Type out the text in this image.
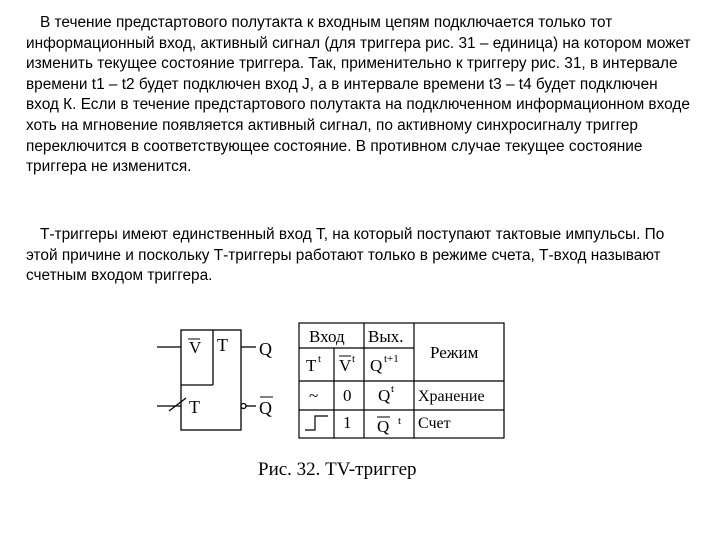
В течение предстартового полутакта к входным цепям подключается только тот информационный вход, активный сигнал (для триггера рис. 31 – единица) на котором может изменить текущее состояние триггера. Так, применительно к триггеру рис. 31, в интервале времени t1 – t2 будет подключен вход J, а в интервале времени t3 – t4 будет подключен вход К. Если в течение предстартового полутакта на подключенном информационном входе хоть на мгновение появляется активный сигнал, по активному синхросигналу триггер переключится в соответствующее состояние. В противном случае текущее состояние триггера не изменится.

Т-триггеры имеют единственный вход Т, на который поступают тактовые импульсы. По этой причине и поскольку Т-триггеры работают только в режиме счета, Т-вход называют счетным входом триггера.

V T
T
Q
Q
Вход Вых.
Режим
T t V t Q t+1
~ 0 Q t Хранение
1 Q t Счет
Рис. 32. TV-триггер
